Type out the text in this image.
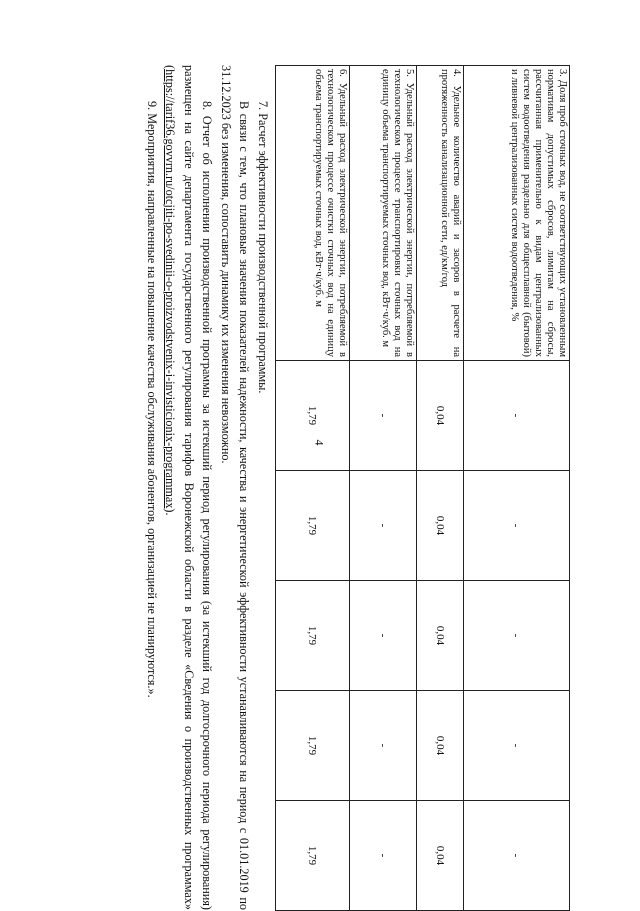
4
3. Доля проб сточных вод, не соответствующих установленным нормативам допустимых сбросов, лимитам на сбросы, рассчитанная применительно к видам централизованных систем водоотведения раздельно для общесплавной (бытовой) и ливневой централизованных систем водоотведения, %	-	-	-	-	-
4. Удельное количество аварий и засоров в расчете на протяженность канализационной сети, ед/км/год	0,04	0,04	0,04	0,04	0,04
5. Удельный расход электрической энергии, потребляемой в технологическом процессе транспортировки сточных вод на единицу объема транспортируемых сточных вод, кВт·ч/куб. м	-	-	-	-	-
6. Удельный расход электрической энергии, потребляемой в технологическом процессе очистки сточных вод на единицу объема транспортируемых сточных вод, кВт·ч/куб. м	1,79	1,79	1,79	1,79	1,79

7. Расчет эффективности производственной программы.

В связи с тем, что плановые значения показателей надежности, качества и энергетической эффективности устанавливаются на период с 01.01.2019 по 31.12.2023 без изменения, сопоставить динамику их изменения невозможно.

8. Отчет об исполнении производственной программы за истекший период регулирования (за истекший год долгосрочного периода регулирования) размещен на сайте департамента государственного регулирования тарифов Воронежской области в разделе «Сведения о производственных программах» (https://tarif36.govvrn.ru/otcjiti-po-svedinii-o-proizvodstvenix-i-invisticionix-programmax).

9. Мероприятия, направленные на повышение качества обслуживания абонентов, организацией не планируются.».
